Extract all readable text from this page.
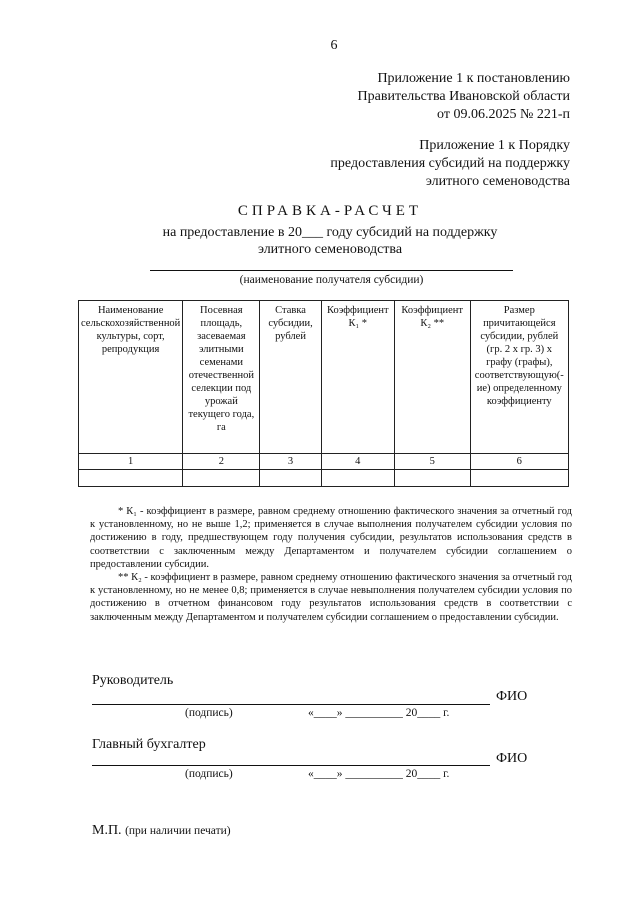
6
Приложение 1 к постановлению
Правительства Ивановской области
от 09.06.2025 № 221-п
Приложение 1 к Порядку
предоставления субсидий на поддержку
элитного семеноводства
СПРАВКА-РАСЧЕТ
на предоставление в 20___ году субсидий на поддержку
элитного семеноводства
(наименование получателя субсидии)
Наименование сельскохозяйственной культуры, сорт, репродукция	Посевная площадь, засеваемая элитными семенами отечественной селекции под урожай текущего года, га	Ставка субсидии, рублей	Коэффициент К₁ *	Коэффициент К₂ **	Размер причитающейся субсидии, рублей (гр. 2 x гр. 3) x графу (графы), соответствующую(-ие) определенному коэффициенту
1	2	3	4	5	6

* К₁ - коэффициент в размере, равном среднему отношению фактического значения за отчетный год к установленному, но не выше 1,2; применяется в случае выполнения получателем субсидии условия по достижению в году, предшествующем году получения субсидии, результатов использования средств в соответствии с заключенным между Департаментом и получателем субсидии соглашением о предоставлении субсидии.

** К₂ - коэффициент в размере, равном среднему отношению фактического значения за отчетный год к установленному, но не менее 0,8; применяется в случае невыполнения получателем субсидии условия по достижению в отчетном финансовом году результатов использования средств в соответствии с заключенным между Департаментом и получателем субсидии соглашением о предоставлении субсидии.

Руководитель
ФИО
(подпись)	«____» __________ 20____ г.
Главный бухгалтер
ФИО
(подпись)	«____» __________ 20____ г.
М.П. (при наличии печати)
